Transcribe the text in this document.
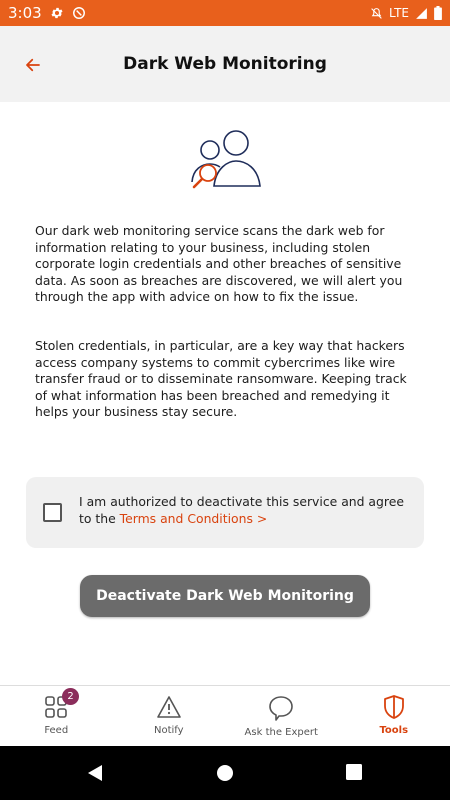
3:03	LTE
Dark Web Monitoring

Our dark web monitoring service scans the dark web for information relating to your business, including stolen corporate login credentials and other breaches of sensitive data. As soon as breaches are discovered, we will alert you through the app with advice on how to fix the issue.

Stolen credentials, in particular, are a key way that hackers access company systems to commit cybercrimes like wire transfer fraud or to disseminate ransomware. Keeping track of what information has been breached and remedying it helps your business stay secure.

I am authorized to deactivate this service and agree to the Terms and Conditions >
Deactivate Dark Web Monitoring
2
Feed	Notify	Ask the Expert	Tools
